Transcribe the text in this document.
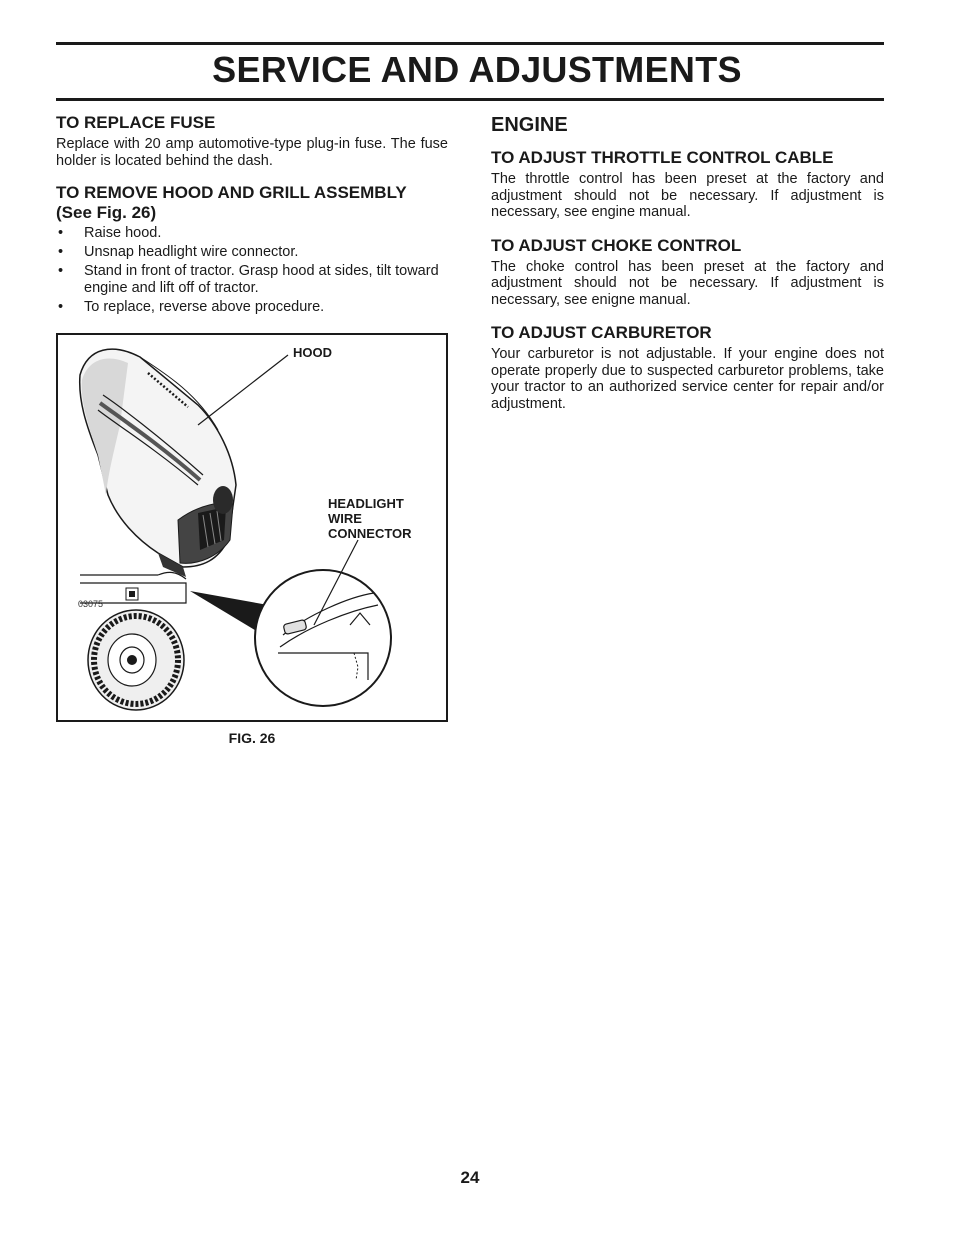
SERVICE AND ADJUSTMENTS
TO REPLACE FUSE

Replace with 20 amp automotive-type plug-in fuse. The fuse holder is located behind the dash.

TO REMOVE HOOD AND GRILL ASSEMBLY
(See Fig. 26)
• Raise hood.
• Unsnap headlight wire connector.
• Stand in front of tractor. Grasp hood at sides, tilt toward engine and lift off of tractor.
• To replace, reverse above procedure.
HOOD
HEADLIGHT
WIRE
CONNECTOR
03075
FIG. 26
ENGINE
TO ADJUST THROTTLE CONTROL CABLE

The throttle control has been preset at the factory and adjustment should not be necessary. If adjustment is necessary, see engine manual.

TO ADJUST CHOKE CONTROL

The choke control has been preset at the factory and adjustment should not be necessary. If adjustment is necessary, see enigne manual.

TO ADJUST CARBURETOR

Your carburetor is not adjustable. If your engine does not operate properly due to suspected carburetor problems, take your tractor to an authorized service center for repair and/or adjustment.

24
